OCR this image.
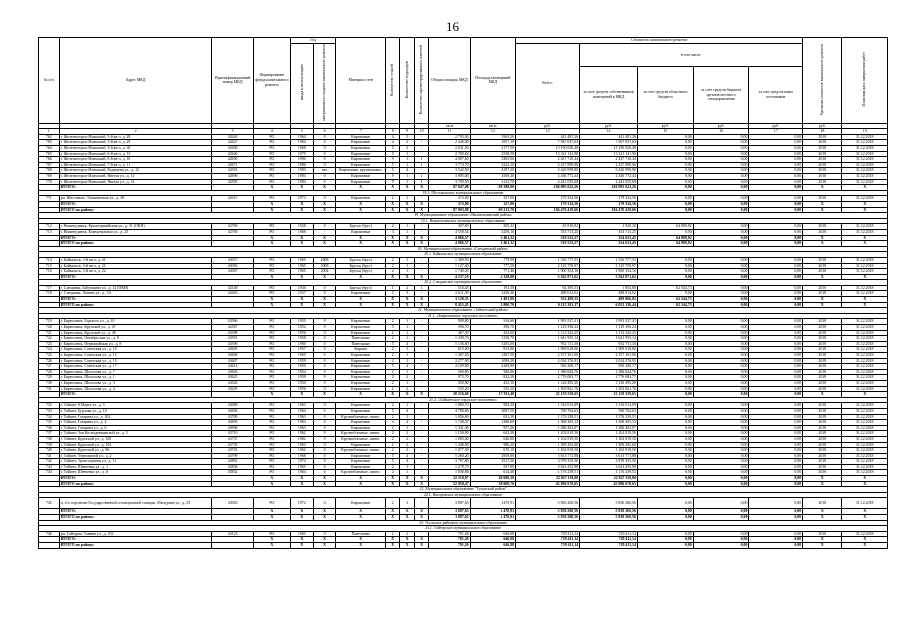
16
№ п/п	Адрес МКД	Идентификационный номер МКД	Формирование фонда капитального ремонта	Год		Материал стен	Количество этажей	Количество подъездов	Количество зарегистрированных жителей	Общая площадь МКД	Площадь помещений МКД	Стоимость капитального ремонта					Удельная стоимость капитального ремонта	Плановая дата завершения работ
				ввода в эксплуатацию	завершения последнего капитального ремонта							Всего:	в том числе:					
													за счет средств собственников помещений в МКД	за счет средств областного бюджета	за счет средств бюджета органов местного самоуправления	за счет средств иных источников		
										кв.м	кв.м	руб.	руб.	руб.	руб.	руб.	руб.	
1	2	3	4	5	6	7	8	9	10	11	12	13	14	15	16	17	18	19
762	г. Железногорск-Илимский, 3-й кв-л, д. 28	42626	РО	1964	0	Кирпичные	4	3	-	2 795,00	1963,20	441 481,36	441 481,36	0,00	0,00	0,00	2018	31.12.2018
763	г. Железногорск-Илимский, 3-й кв-л, д. 29	42627	РО	1964	0	Кирпичные	4	3	-	2 426,00	1957,10	7 567 037,63	7 567 037,63	0,00	0,00	0,00	2018	31.12.2018
764	г. Железногорск-Илимский, 3-й кв-л, д. 30	42630	РО	1968	0	Кирпичные	5	3	-	2 631,50	2177,50	13 190 026,48	13 190 026,48	0,00	0,00	0,00	2018	31.12.2018
765	г. Железногорск-Илимский, 6-й кв-л, д. 13	42640	РО	1975	0	Кирпичные	5	1	-	2 780,84	2538,50	13 321 141,90	13 321 141,90	0,00	0,00	0,00	2018	31.12.2018
766	г. Железногорск-Илимский, 6-й кв-л, д. 16	42650	РО	1990	0	Кирпичные	9	1	1	4 007,60	3365,00	2 437 710,44	2 437 710,44	0,00	0,00	0,00	2018	31.12.2018
767	г. Железногорск-Илимский, 7-й кв-л, д. 11	42671	РО	1986	0	Кирпичные	5	1	1	3 774,70	3222,10	2 437 890,96	2 437 890,96	0,00	0,00	0,00	2018	31.12.2018
768	г. Железногорск-Илимский, Радищева ул., д. 12	42501	РО	1983	нет	Кирпичные, крупнопанел.	5	4	-	3 542,50	4197,20	5 420 999,80	5 420 999,80	0,00	0,00	0,00	2018	31.12.2018
769	г. Железногорск-Илимский, Янгеля ул., д. 12	42696	РО	1983	0	Кирпичные	9	1	1	3 995,00	3508,40	2 436 772,44	2 436 772,44	0,00	0,00	0,00	2018	31.12.2018
770	г. Железногорск-Илимский, Янгеля ул., д. 14	42505	РО	1984	0	Кирпичные	9	1	1	3 799,50	3133,70	2 441 035,68	2 441 035,68	0,00	0,00	0,00	2018	31.12.2018
	ИТОГО:		X	X	X	X	X	X	X	87 847,08	68 398,80	184 095 622,26	184 095 622,26	0,00	0,00	0,00	X	X
18.3. Шестаковское муниципальное образование																		
771	рп. Шестаково, Таежнинская ул., д. 38	42615	РО	1973	0	Кирпичные	2	1	-	372,00	327,00	179 334,56	179 334,56	0,00	0,00	0,00	2018	31.12.2018
	ИТОГО:		X	X	X	X	X	X	X	372,00	327,00	179 334,56	179 334,56	0,00	0,00	0,00	X	X
	ИТОГО по району:		X	X	X	X	X	X	X	87 993,08	69 213,70	184 470 419,66	184 470 419,66	0,00	0,00	0,00	X	X
19. Муниципальное образование «Нижнеилимский район»																		
19.1. Нижнеилимское муниципальное образование																		
712	г. Нижнеудинск, Красноармейская ул., д. 31 (ОКН)	42769	РО	1928	0	Брусья (брус)	2	1	-	307,83	205,22	65 810,82	1 920,20	64 889,82	0,00	0,00	2018	31.12.2018
713	г. Нижнеудинск, Коммунальная ул., д. 25	42769	РО	1968	-	Кирпичные	3	1	-	4 558,54	3256,10	353 713,25	353 713,25	0,00	0,00	0,00	2018	31.12.2018
	ИТОГО:		X	X	X	X	X	X	X	4 866,37	3 461,32	319 523,27	254 633,45	64 889,82	0,00	0,00	X	X
	ИТОГО по району:		X	X	X	X	X	X	X	4 866,37	3 461,32	319 523,27	254 633,45	64 889,82	0,00	0,00	X	X
20. Муниципальное образование «Слюдянский район»																		
20.1. Байкальское муниципальное образование																		
714	г. Байкальск, 3-й кв-л, д. 41	43057	РО	1965	2008	Брусья (брус)	2	1	-	1 369,50	779,90	1 536 777,55	1 536 777,55	0,00	0,00	0,00	2018	31.12.2018
715	г. Байкальск, 3-й кв-л, д. 21	43056	РО	1965	2008	Брусья (брус)	2	1	-	1 127,40	777,50	2 125 759,97	2 125 759,97	0,00	0,00	0,00	2018	31.12.2018
716	г. Байкальск, 3-й кв-л, д. 22	43067	РО	1965	2004	Брусья (брус)	2	1	-	1 740,20	771,40	1 900 354,10	1 900 354,10	0,00	0,00	0,00	2018	31.12.2018
	ИТОГО:		X	X	X	X	X	X	X	4 237,10	2 328,80	5 562 871,62	5 562 871,62	0,00	0,00	0,00	X	X
20.2. Слюдянское муниципальное образование																		
717	г. Слюдянка, Бабушкина ул., д. 12 (ОКН)	42149	РО	1946	0	Брусья (брус)	1	2	1	516,45	191,30	64 395,53	1 853,80	62 544,73	0,00	0,00	2018	31.12.2018
718	г. Слюдянка, Ленина ул., д. 111	43443	РО	1927	0	Кирпичные	3	3	-	2 611,39	1250,40	488 014,02	488 014,02	0,00	0,00	0,00	2018	31.12.2018
	ИТОГО:		X	X	X	X	X	X	X	3 128,35	1 481,90	552 409,55	489 866,82	62 544,73	0,00	0,00	X	X
	ИТОГО по району:		X	X	X	X	X	X	X	8 415,45	3 800,70	6 115 281,17	6 052 136,44	62 544,73	0,00	0,00	X	X
21. Муниципальное образование «Тайшетский район»																		
21.1. «Бирюсинское городское поселение»																		
719	г. Бирюсинск, Горького ул., д. 10	43566	РО	1955	0	Кирпичные	2	1	-	909,80	916,60	1 993 537,41	1 993 537,41	0,00	0,00	0,00	2018	31.12.2018
720	г. Бирюсинск, Крупской ул., д. 47	42567	РО	1952	0	Кирпичные	3	1	-	396,70	396,70	1 129 396,24	1 129 396,24	0,00	0,00	0,00	2018	31.12.2018
721	г. Бирюсинск, Крупской ул., д. 49	43588	РО	1956	0	Кирпичные	2	1	-	467,30	432,60	1 113 342,25	1 113 342,25	0,00	0,00	0,00	2018	31.12.2018
722	г. Бирюсинск, Октябрьская ул., д. 8	43591	РО	1958	0	Панельные	2	1	-	1 339,70	1238,70	1 641 955,14	1 641 955,14	0,00	0,00	0,00	2018	31.12.2018
723	г. Бирюсинск, Первомайская ул., д. 8	43596	РО	1980	0	Панельные	5	4	-	5 136,80	3293,00	952 751,30	952 751,30	0,00	0,00	0,00	2018	31.12.2018
724	г. Бирюсинск, Советская ул., д. 10	43605	РО	1957	0	Кирпич	2	1	-	815,00	815,00	1 969 618,00	1 969 618,00	0,00	0,00	0,00	2018	31.12.2018
725	г. Бирюсинск, Советская ул., д. 13	43606	РО	1965	0	Кирпичные	2	1	-	1 367,50	1367,50	2 157 101,00	2 157 101,00	0,00	0,00	0,00	2018	31.12.2018
726	г. Бирюсинск, Советская ул., д. 15	43607	РО	1959	0	Кирпичные	2	1	-	2 277,90	1099,20	2 034 376,91	2 034 376,91	0,00	0,00	0,00	2018	31.12.2018
727	г. Бирюсинск, Советская ул., д. 17	43614	РО	1959	0	Кирпичные	5	4	-	4 109,80	4109,80	956 208,17	956 208,17	0,00	0,00	0,00	2018	31.12.2018
728	г. Бирюсинск, Шолохова ул., д. 7	43602	РО	1954	0	Кирпичные	2	1	-	506,80	506,80	1 386 644,76	1 386 644,76	0,00	0,00	0,00	2018	31.12.2018
729	г. Бирюсинск, Шолохова ул., д. 1	43625	РО	1959	0	Кирпичные	2	2	-	972,70	832,20	2 776 083,77	2 776 083,77	0,00	0,00	0,00	2018	31.12.2018
730	г. Бирюсинск, Шолохова ул., д. 3	43626	РО	1950	0	Кирпичные	2	1	-	450,80	432,10	1 126 495,20	1 126 495,20	0,00	0,00	0,00	2018	31.12.2018
731	г. Бирюсинск, Шолохова ул., д. 4	43629	РО	1956	0	Кирпичные	2	2	-	535,20	535,20	1 503 841,76	1 503 841,76	0,00	0,00	0,00	2018	31.12.2018
	ИТОГО:		X	X	X	X	X	X	X	20 216,60	17 911,40	22 159 559,65	22 159 559,65	0,00	0,00	0,00	X	X
21.2. «Тайшетское городское поселение»																		
732	г. Тайшет, 8 Марта ул., д. 5	43680	РО	1963	0	Кирпичные	2	1	-	1 880,70	904,20	1 316 013,09	1 316 013,09	0,00	0,00	0,00	2018	31.12.2018
733	г. Тайшет, Бурлова ул., д. 10	43692	РО	1964	0	Кирпичные	5	4	-	4 780,80	3097,50	760 704,63	760 704,63	0,00	0,00	0,00	2018	31.12.2018
734	г. Тайшет, Гагарина ул., д. 102	43700	РО	1963	0	Крупноблочные, панел.	2	1	-	1 056,60	631,10	1 176 239,51	1 176 239,51	0,00	0,00	0,00	2018	31.12.2018
735	г. Тайшет, Гагарина ул., д. 4	43695	РО	1963	0	Кирпичные	4	4	-	1 728,07	1286,60	1 568 305,13	1 568 305,13	0,00	0,00	0,00	2018	31.12.2018
736	г. Тайшет, Гагарина ул., д. 6	43696	РО	1963	0	Кирпичные	2	1	-	1 341,40	957,20	1 286 483,07	1 286 483,07	0,00	0,00	0,00	2018	31.12.2018
737	г. Тайшет, Зои Космодемьянской ул., д. 5	43710	РО	1962	0	Крупноблочные, панел.	2	2	-	1 158,90	642,30	1 102 819,50	1 102 819,50	0,00	0,00	0,00	2018	31.12.2018
738	г. Тайшет, Крупской ул., д. 100	43737	РО	1962	0	Крупноблочные, панел.	2	2	-	1 085,60	646,80	1 102 819,50	1 102 819,50	0,00	0,00	0,00	2018	31.12.2018
739	г. Тайшет, Крупской ул., д. 104	43739	РО	1963	0	Кирпичные	2	2	-	1 448,00	986,20	1 309 292,60	1 309 292,60	0,00	0,00	0,00	2018	31.12.2018
740	г. Тайшет, Крупской ул., д. 96	43735	РО	1962	0	Крупноблочные, панел.	2	2	-	1 077,30	670,10	1 102 819,50	1 102 819,50	0,00	0,00	0,00	2018	31.12.2018
741	г. Тайшет, Терешковой ул., д. 2	43799	РО	1968	0	Кирпичные	5	4	-	5 260,20	2959,60	3 613 771,88	3 613 771,88	0,00	0,00	0,00	2018	31.12.2018
742	г. Тайшет, Транспортная ул., д. 11	43801	РО	1974	0	Кирпичные	5	4	-	3 787,80	3517,20	3 978 355,50	3 978 355,50	0,00	0,00	0,00	2018	31.12.2018
743	г. Тайшет, Шевченко ул., д. 1	43838	РО	1965	0	Кирпичные	2	1	-	1 278,70	537,80	3 623 255,98	3 623 255,98	0,00	0,00	0,00	2018	31.12.2018
744	г. Тайшет, Шевченко ул., д. 8	43832	РО	1964	0	Крупноблочные, панел.	2	1	-	1 040,80	614,40	1 176 239,51	1 176 239,51	0,00	0,00	0,00	2018	31.12.2018
	ИТОГО:		X	X	X	X	X	X	X	32 310,87	20 690,30	22 927 119,00	22 927 119,00	0,00	0,00	0,00	X	X
	ИТОГО по району:		X	X	X	X	X	X	X	52 950,47	38 600,70	45 086 678,65	45 086 678,65	0,00	0,00	0,00	X	X
22. Муниципальное образование "Тулунский район"																		
22.1. Писаревское муниципальное образование																		
745	п. 4-е отделение Государственной селекционной станции, Мичурина ул., д. 23	43945	РО	1972	0	Кирпичные	2	3	-	3 887,63	1470,91	5 830 260,56	5 830 260,56	0,00	0,00	0,00	2018	31.12.2018
	ИТОГО:		X	X	X	X	X	X	0	3 887,63	1 470,91	5 830 260,56	5 830 260,56	0,00	0,00	0,00	X	X
	ИТОГО по району:		X	X	X	X	X	X	X	3 887,63	1 470,91	5 830 260,56	5 830 260,56	0,00	0,00	0,00	X	X
23. Усольское районное муниципальное образование																		
23.1. Тайтурское муниципальное образование																		
746	рп. Тайтурка, Томина ул., д. 102	44123	РО	1965	0	Панельные	2	2	-	701,26	646,88	729 411,14	729 411,14	0,00	0,00	0,00	2018	31.12.2018
	ИТОГО:		X	X	X	X	X	X	X	701,26	646,88	729 411,14	729 411,14	0,00	0,00	0,00	X	X
	ИТОГО по району:		X	X	X	X	X	X	X	701,26	646,88	729 411,14	729 411,14	0,00	0,00	0,00	X	X
